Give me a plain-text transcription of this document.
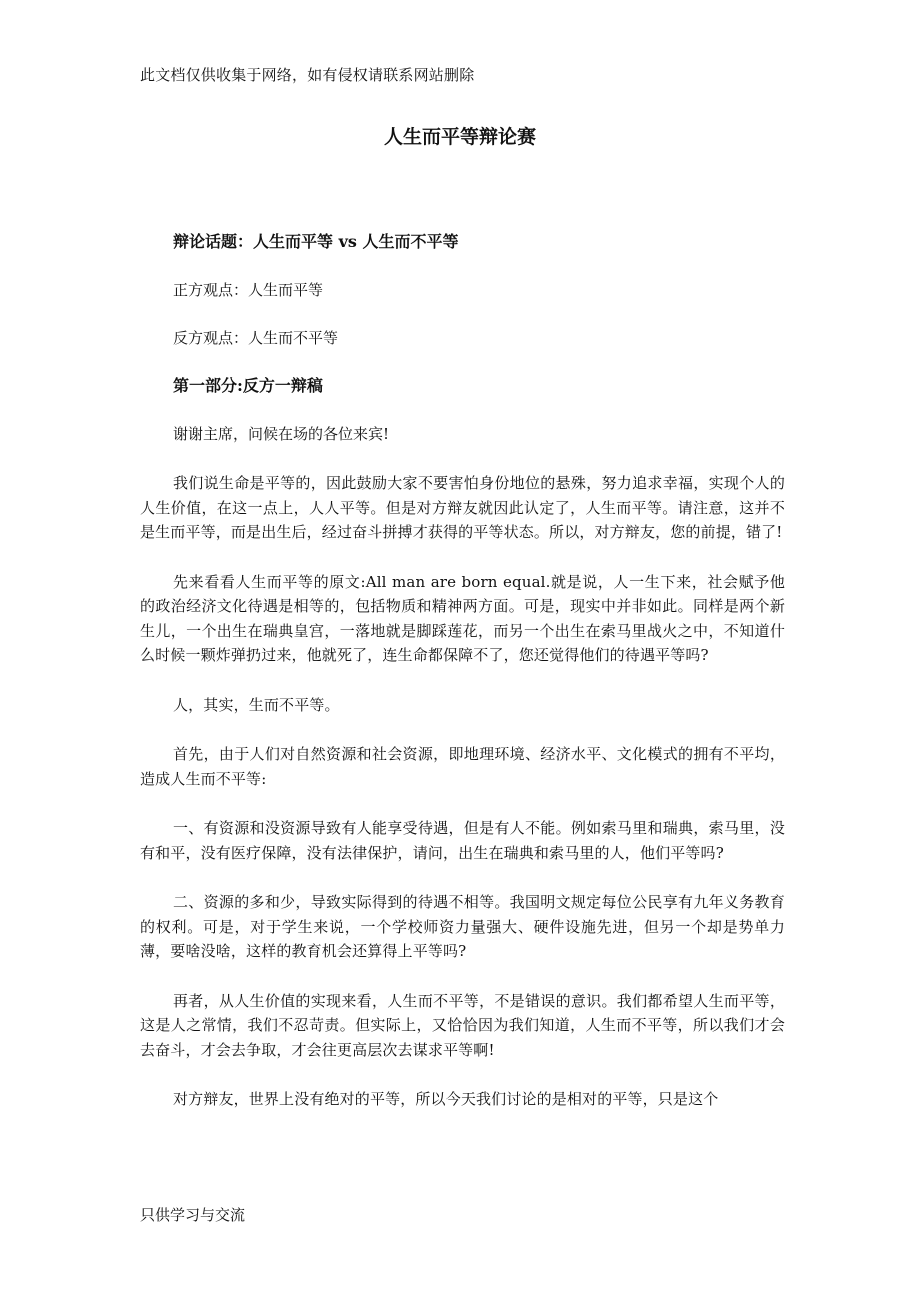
此文档仅供收集于网络，如有侵权请联系网站删除
人生而平等辩论赛

辩论话题：人生而平等 vs 人生而不平等

正方观点：人生而平等

反方观点：人生而不平等

第一部分:反方一辩稿

谢谢主席，问候在场的各位来宾!

我们说生命是平等的，因此鼓励大家不要害怕身份地位的悬殊，努力追求幸福，实现个人的人生价值，在这一点上，人人平等。但是对方辩友就因此认定了，人生而平等。请注意，这并不是生而平等，而是出生后，经过奋斗拼搏才获得的平等状态。所以，对方辩友，您的前提，错了!

先来看看人生而平等的原文:All man are born equal.就是说，人一生下来，社会赋予他的政治经济文化待遇是相等的，包括物质和精神两方面。可是，现实中并非如此。同样是两个新生儿，一个出生在瑞典皇宫，一落地就是脚踩莲花，而另一个出生在索马里战火之中，不知道什么时候一颗炸弹扔过来，他就死了，连生命都保障不了，您还觉得他们的待遇平等吗?

人，其实，生而不平等。

首先，由于人们对自然资源和社会资源，即地理环境、经济水平、文化模式的拥有不平均，造成人生而不平等:

一、有资源和没资源导致有人能享受待遇，但是有人不能。例如索马里和瑞典，索马里，没有和平，没有医疗保障，没有法律保护，请问，出生在瑞典和索马里的人，他们平等吗?

二、资源的多和少，导致实际得到的待遇不相等。我国明文规定每位公民享有九年义务教育的权利。可是，对于学生来说，一个学校师资力量强大、硬件设施先进，但另一个却是势单力薄，要啥没啥，这样的教育机会还算得上平等吗?

再者，从人生价值的实现来看，人生而不平等，不是错误的意识。我们都希望人生而平等，这是人之常情，我们不忍苛责。但实际上，又恰恰因为我们知道，人生而不平等，所以我们才会去奋斗，才会去争取，才会往更高层次去谋求平等啊!

对方辩友，世界上没有绝对的平等，所以今天我们讨论的是相对的平等，只是这个

只供学习与交流
